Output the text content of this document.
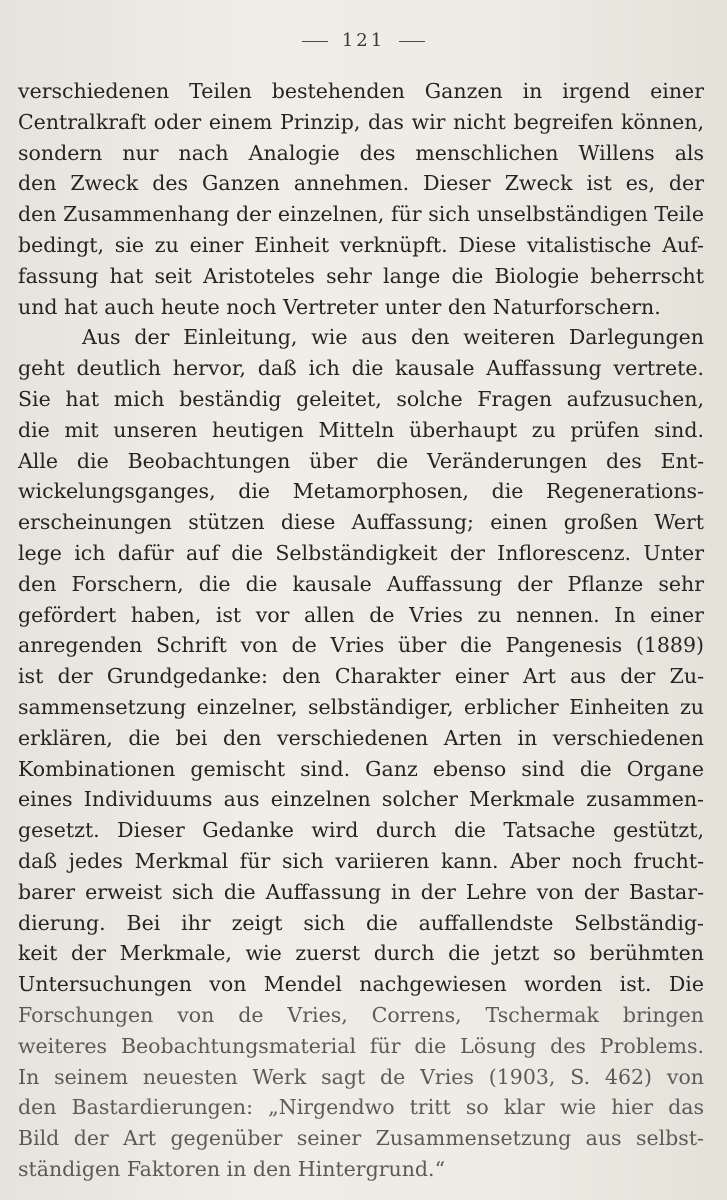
121
verschiedenen Teilen bestehenden Ganzen in irgend einer
Centralkraft oder einem Prinzip, das wir nicht begreifen können,
sondern nur nach Analogie des menschlichen Willens als
den Zweck des Ganzen annehmen. Dieser Zweck ist es, der
den Zusammenhang der einzelnen, für sich unselbständigen Teile
bedingt, sie zu einer Einheit verknüpft. Diese vitalistische Auf-
fassung hat seit Aristoteles sehr lange die Biologie beherrscht
und hat auch heute noch Vertreter unter den Naturforschern.
Aus der Einleitung, wie aus den weiteren Darlegungen
geht deutlich hervor, daß ich die kausale Auffassung vertrete.
Sie hat mich beständig geleitet, solche Fragen aufzusuchen,
die mit unseren heutigen Mitteln überhaupt zu prüfen sind.
Alle die Beobachtungen über die Veränderungen des Ent-
wickelungsganges, die Metamorphosen, die Regenerations-
erscheinungen stützen diese Auffassung; einen großen Wert
lege ich dafür auf die Selbständigkeit der Inflorescenz. Unter
den Forschern, die die kausale Auffassung der Pflanze sehr
gefördert haben, ist vor allen de Vries zu nennen. In einer
anregenden Schrift von de Vries über die Pangenesis (1889)
ist der Grundgedanke: den Charakter einer Art aus der Zu-
sammensetzung einzelner, selbständiger, erblicher Einheiten zu
erklären, die bei den verschiedenen Arten in verschiedenen
Kombinationen gemischt sind. Ganz ebenso sind die Organe
eines Individuums aus einzelnen solcher Merkmale zusammen-
gesetzt. Dieser Gedanke wird durch die Tatsache gestützt,
daß jedes Merkmal für sich variieren kann. Aber noch frucht-
barer erweist sich die Auffassung in der Lehre von der Bastar-
dierung. Bei ihr zeigt sich die auffallendste Selbständig-
keit der Merkmale, wie zuerst durch die jetzt so berühmten
Untersuchungen von Mendel nachgewiesen worden ist. Die
Forschungen von de Vries, Correns, Tschermak bringen
weiteres Beobachtungsmaterial für die Lösung des Problems.
In seinem neuesten Werk sagt de Vries (1903, S. 462) von
den Bastardierungen: „Nirgendwo tritt so klar wie hier das
Bild der Art gegenüber seiner Zusammensetzung aus selbst-
ständigen Faktoren in den Hintergrund.“
